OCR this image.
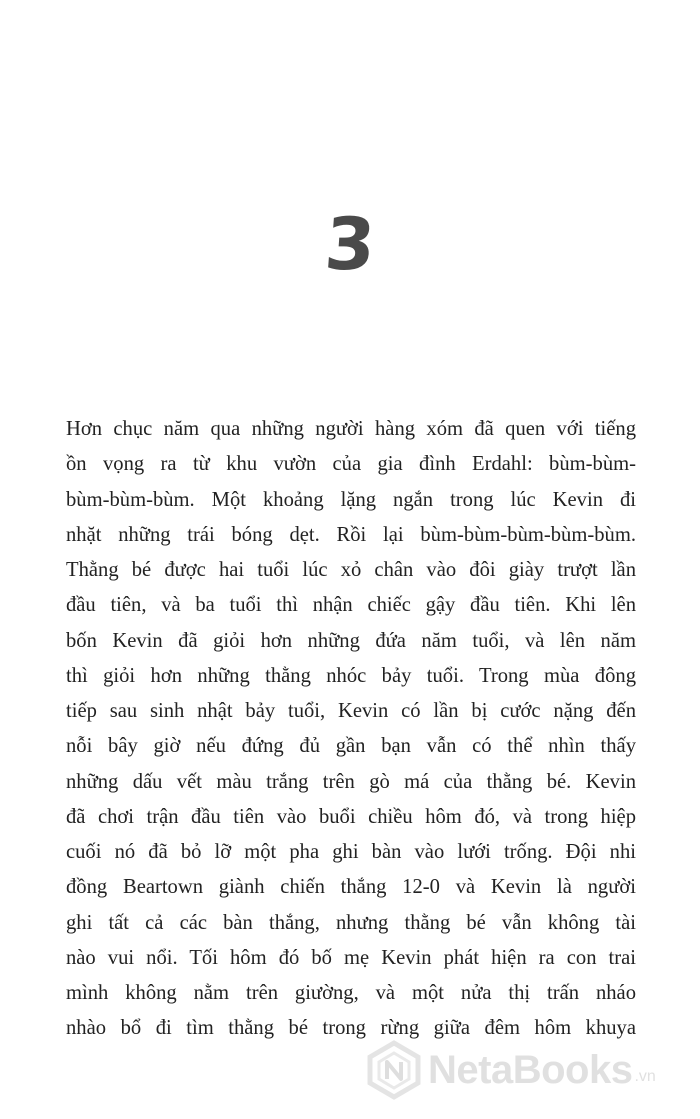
3
Hơn chục năm qua những người hàng xóm đã quen với tiếng
ồn vọng ra từ khu vườn của gia đình Erdahl: bùm-bùm-
bùm-bùm-bùm. Một khoảng lặng ngắn trong lúc Kevin đi
nhặt những trái bóng dẹt. Rồi lại bùm-bùm-bùm-bùm-bùm.
Thằng bé được hai tuổi lúc xỏ chân vào đôi giày trượt lần
đầu tiên, và ba tuổi thì nhận chiếc gậy đầu tiên. Khi lên
bốn Kevin đã giỏi hơn những đứa năm tuổi, và lên năm
thì giỏi hơn những thằng nhóc bảy tuổi. Trong mùa đông
tiếp sau sinh nhật bảy tuổi, Kevin có lần bị cước nặng đến
nỗi bây giờ nếu đứng đủ gần bạn vẫn có thể nhìn thấy
những dấu vết màu trắng trên gò má của thằng bé. Kevin
đã chơi trận đầu tiên vào buổi chiều hôm đó, và trong hiệp
cuối nó đã bỏ lỡ một pha ghi bàn vào lưới trống. Đội nhi
đồng Beartown giành chiến thắng 12-0 và Kevin là người
ghi tất cả các bàn thắng, nhưng thằng bé vẫn không tài
nào vui nổi. Tối hôm đó bố mẹ Kevin phát hiện ra con trai
mình không nằm trên giường, và một nửa thị trấn nháo
nhào bổ đi tìm thằng bé trong rừng giữa đêm hôm khuya
NetaBooks .vn
